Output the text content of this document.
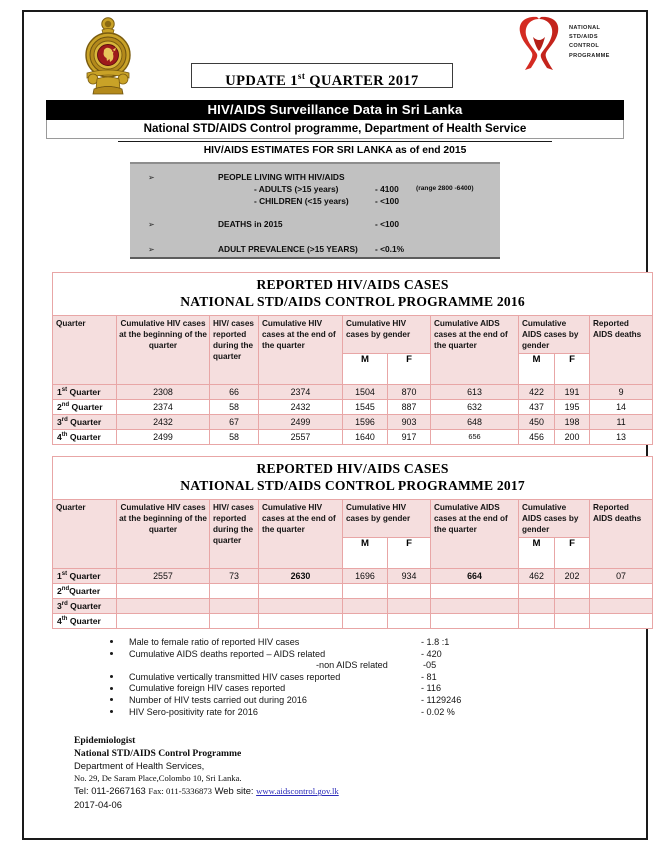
NATIONAL
STD/AIDS
CONTROL
PROGRAMME
UPDATE 1st QUARTER 2017
HIV/AIDS Surveillance Data in Sri Lanka
National STD/AIDS Control programme, Department of Health Service
HIV/AIDS ESTIMATES FOR SRI LANKA as of end 2015
➢	PEOPLE LIVING WITH HIV/AIDS
- ADULTS (>15 years)	- 4100	(range 2800 -6400)
- CHILDREN (<15 years)	- <100
➢	DEATHS in 2015	- <100
➢	ADULT PREVALENCE (>15 YEARS) - <0.1%
REPORTED HIV/AIDS CASES
NATIONAL STD/AIDS CONTROL PROGRAMME 2016									

Quarter	Cumulative HIV cases at the beginning of the quarter	HIV/ cases reported during the quarter	Cumulative HIV cases at the end of the quarter	Cumulative HIV cases by gender		Cumulative AIDS cases at the end of the quarter	Cumulative AIDS cases by gender		Reported AIDS deaths
				M	F		M	F	
1st Quarter	2308	66	2374	1504	870	613	422	191	9
2nd Quarter	2374	58	2432	1545	887	632	437	195	14
3rd Quarter	2432	67	2499	1596	903	648	450	198	11
4th Quarter	2499	58	2557	1640	917	656	456	200	13
REPORTED HIV/AIDS CASES
NATIONAL STD/AIDS CONTROL PROGRAMME 2017									

Quarter	Cumulative HIV cases at the beginning of the quarter	HIV/ cases reported during the quarter	Cumulative HIV cases at the end of the quarter	Cumulative HIV cases by gender		Cumulative AIDS cases at the end of the quarter	Cumulative AIDS cases by gender		Reported AIDS deaths
				M	F		M	F	
1st Quarter	2557	73	2630	1696	934	664	462	202	07
2ndQuarter									
3rd Quarter									
4th Quarter									
Male to female ratio of reported HIV cases	- 1.8 :1
Cumulative AIDS deaths reported – AIDS related	- 420
-non AIDS related	-05
Cumulative vertically transmitted HIV cases reported	- 81
Cumulative foreign HIV cases reported	- 116
Number of HIV tests carried out during 2016	- 1129246
HIV Sero-positivity rate for 2016	- 0.02 %
Epidemiologist
National STD/AIDS Control Programme
Department of Health Services,
No. 29, De Saram Place,Colombo 10, Sri Lanka.
Tel: 011-2667163 Fax: 011-5336873 Web site: www.aidscontrol.gov.lk
2017-04-06
